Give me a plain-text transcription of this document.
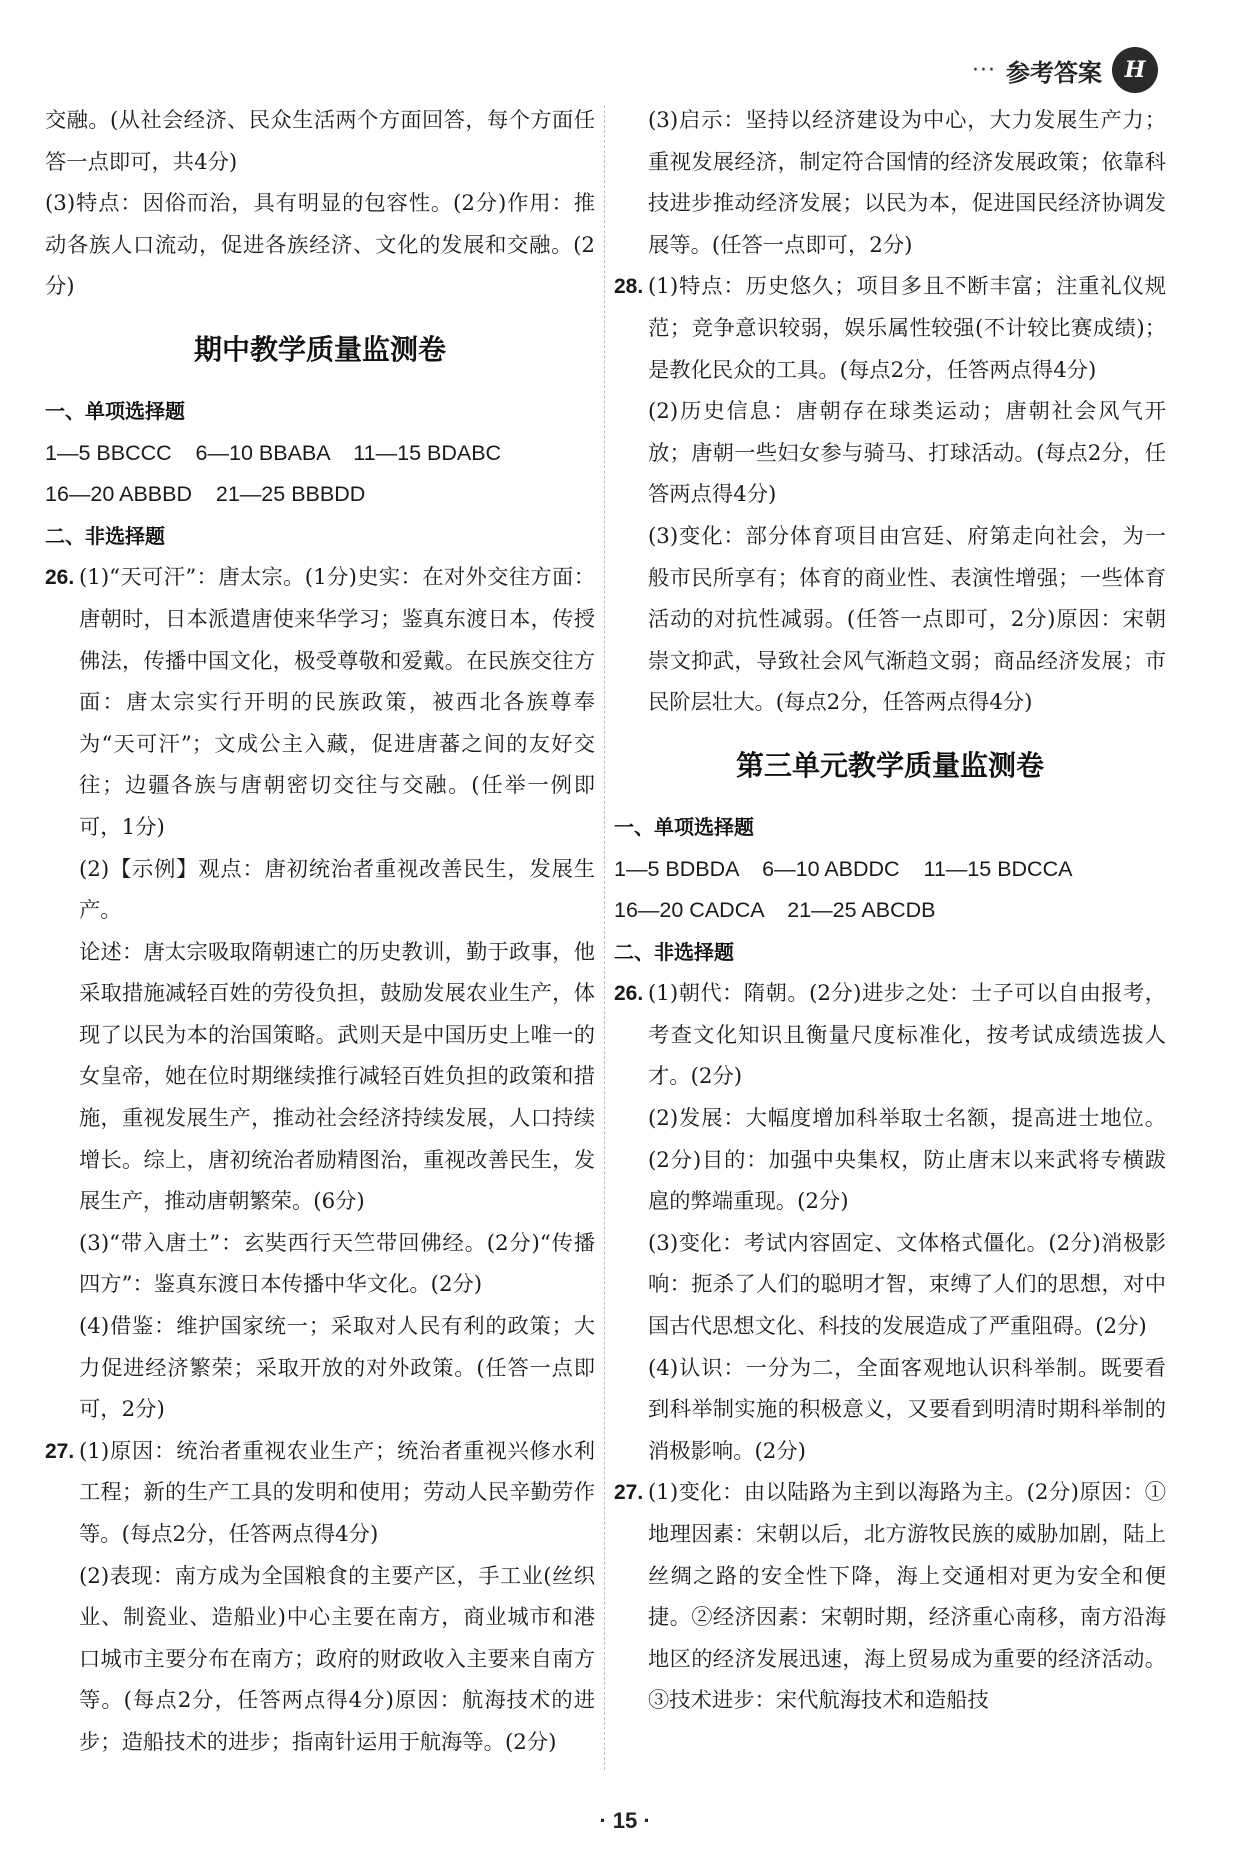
··· 参考答案	H

交融。(从社会经济、民众生活两个方面回答，每个方面任答一点即可，共4分)

(3)特点：因俗而治，具有明显的包容性。(2分)作用：推动各族人口流动，促进各族经济、文化的发展和交融。(2分)

期中教学质量监测卷
一、单项选择题

1—5 BBCCC    6—10 BBABA    11—15 BDABC

16—20 ABBBD    21—25 BBBDD

二、非选择题

26. (1)“天可汗”：唐太宗。(1分)史实：在对外交往方面：唐朝时，日本派遣唐使来华学习；鉴真东渡日本，传授佛法，传播中国文化，极受尊敬和爱戴。在民族交往方面：唐太宗实行开明的民族政策，被西北各族尊奉为“天可汗”；文成公主入藏，促进唐蕃之间的友好交往；边疆各族与唐朝密切交往与交融。(任举一例即可，1分)

(2)【示例】观点：唐初统治者重视改善民生，发展生产。

论述：唐太宗吸取隋朝速亡的历史教训，勤于政事，他采取措施减轻百姓的劳役负担，鼓励发展农业生产，体现了以民为本的治国策略。武则天是中国历史上唯一的女皇帝，她在位时期继续推行减轻百姓负担的政策和措施，重视发展生产，推动社会经济持续发展，人口持续增长。综上，唐初统治者励精图治，重视改善民生，发展生产，推动唐朝繁荣。(6分)

(3)“带入唐土”：玄奘西行天竺带回佛经。(2分)“传播四方”：鉴真东渡日本传播中华文化。(2分)

(4)借鉴：维护国家统一；采取对人民有利的政策；大力促进经济繁荣；采取开放的对外政策。(任答一点即可，2分)

27. (1)原因：统治者重视农业生产；统治者重视兴修水利工程；新的生产工具的发明和使用；劳动人民辛勤劳作等。(每点2分，任答两点得4分)

(2)表现：南方成为全国粮食的主要产区，手工业(丝织业、制瓷业、造船业)中心主要在南方，商业城市和港口城市主要分布在南方；政府的财政收入主要来自南方等。(每点2分，任答两点得4分)原因：航海技术的进步；造船技术的进步；指南针运用于航海等。(2分)

(3)启示：坚持以经济建设为中心，大力发展生产力；重视发展经济，制定符合国情的经济发展政策；依靠科技进步推动经济发展；以民为本，促进国民经济协调发展等。(任答一点即可，2分)

28. (1)特点：历史悠久；项目多且不断丰富；注重礼仪规范；竞争意识较弱，娱乐属性较强(不计较比赛成绩)；是教化民众的工具。(每点2分，任答两点得4分)

(2)历史信息：唐朝存在球类运动；唐朝社会风气开放；唐朝一些妇女参与骑马、打球活动。(每点2分，任答两点得4分)

(3)变化：部分体育项目由宫廷、府第走向社会，为一般市民所享有；体育的商业性、表演性增强；一些体育活动的对抗性减弱。(任答一点即可，2分)原因：宋朝崇文抑武，导致社会风气渐趋文弱；商品经济发展；市民阶层壮大。(每点2分，任答两点得4分)

第三单元教学质量监测卷
一、单项选择题

1—5 BDBDA    6—10 ABDDC    11—15 BDCCA

16—20 CADCA    21—25 ABCDB

二、非选择题

26. (1)朝代：隋朝。(2分)进步之处：士子可以自由报考，考查文化知识且衡量尺度标准化，按考试成绩选拔人才。(2分)

(2)发展：大幅度增加科举取士名额，提高进士地位。(2分)目的：加强中央集权，防止唐末以来武将专横跋扈的弊端重现。(2分)

(3)变化：考试内容固定、文体格式僵化。(2分)消极影响：扼杀了人们的聪明才智，束缚了人们的思想，对中国古代思想文化、科技的发展造成了严重阻碍。(2分)

(4)认识：一分为二，全面客观地认识科举制。既要看到科举制实施的积极意义，又要看到明清时期科举制的消极影响。(2分)

27. (1)变化：由以陆路为主到以海路为主。(2分)原因：①地理因素：宋朝以后，北方游牧民族的威胁加剧，陆上丝绸之路的安全性下降，海上交通相对更为安全和便捷。②经济因素：宋朝时期，经济重心南移，南方沿海地区的经济发展迅速，海上贸易成为重要的经济活动。③技术进步：宋代航海技术和造船技

· 15 ·
